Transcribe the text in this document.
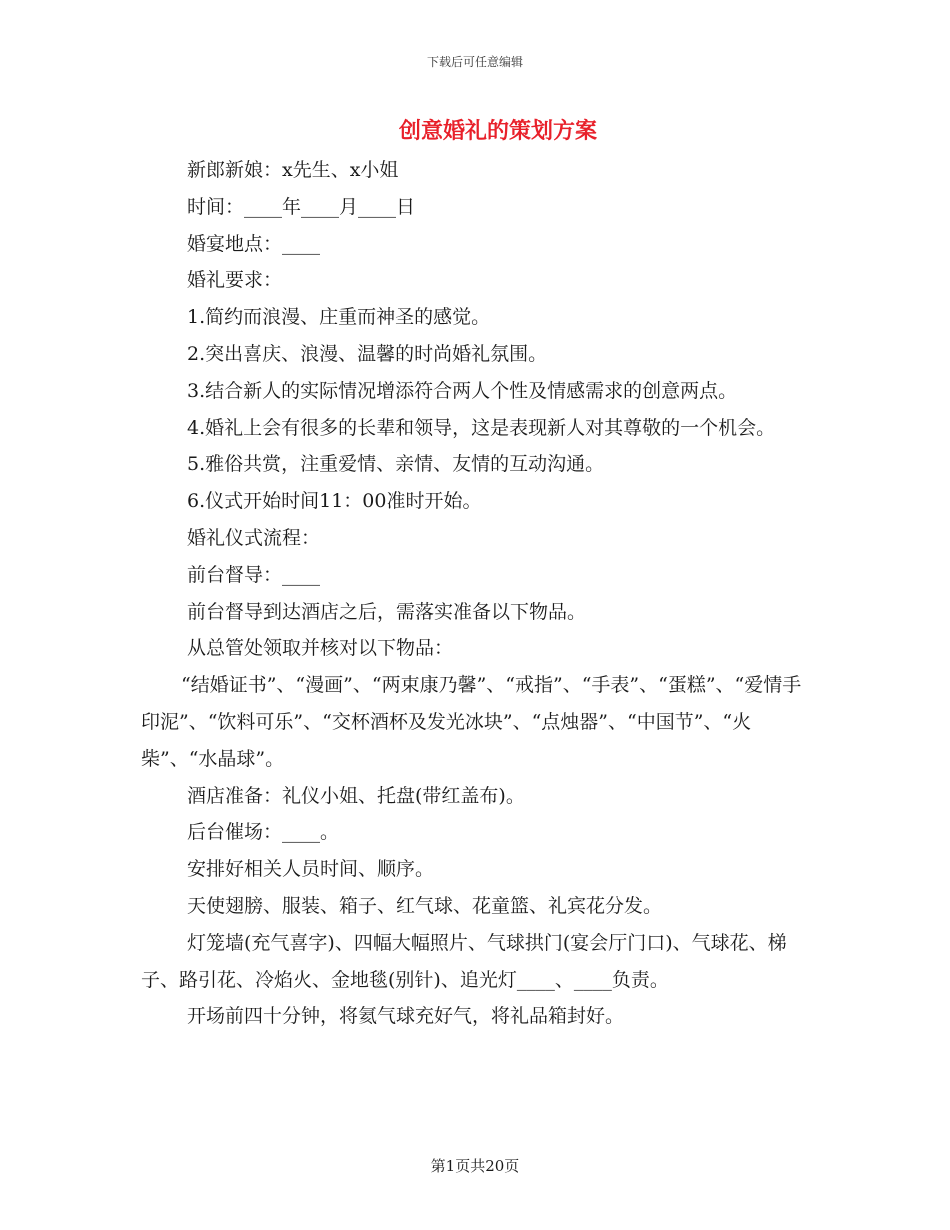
下载后可任意编辑
创意婚礼的策划方案

新郎新娘：x先生、x小姐

时间：____年____月____日

婚宴地点：____

婚礼要求：

1.简约而浪漫、庄重而神圣的感觉。

2.突出喜庆、浪漫、温馨的时尚婚礼氛围。

3.结合新人的实际情况增添符合两人个性及情感需求的创意两点。

4.婚礼上会有很多的长辈和领导，这是表现新人对其尊敬的一个机会。

5.雅俗共赏，注重爱情、亲情、友情的互动沟通。

6.仪式开始时间11：00准时开始。

婚礼仪式流程：

前台督导：____

前台督导到达酒店之后，需落实准备以下物品。

从总管处领取并核对以下物品：

“结婚证书”、“漫画”、“两束康乃馨”、“戒指”、“手表”、“蛋糕”、“爱情手印泥”、“饮料可乐”、“交杯酒杯及发光冰块”、“点烛器”、“中国节”、“火柴”、“水晶球”。

酒店准备：礼仪小姐、托盘(带红盖布)。

后台催场：____。

安排好相关人员时间、顺序。

天使翅膀、服装、箱子、红气球、花童篮、礼宾花分发。

灯笼墙(充气喜字)、四幅大幅照片、气球拱门(宴会厅门口)、气球花、梯子、路引花、冷焰火、金地毯(别针)、追光灯____、____负责。

开场前四十分钟，将氦气球充好气，将礼品箱封好。

第1页共20页
